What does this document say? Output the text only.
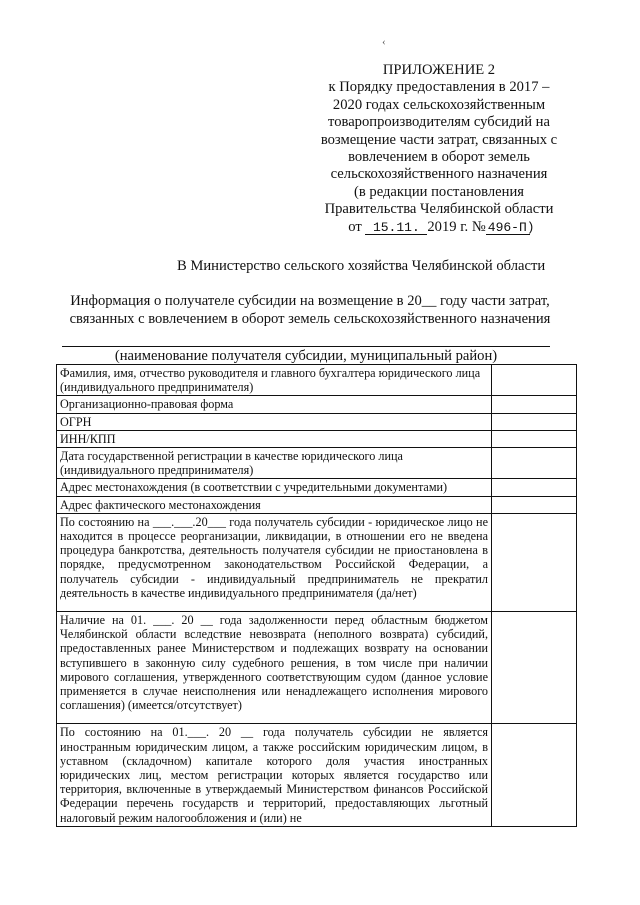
‹
ПРИЛОЖЕНИЕ 2
к Порядку предоставления в 2017 –
2020 годах сельскохозяйственным
товаропроизводителям субсидий на
возмещение части затрат, связанных с
вовлечением в оборот земель
сельскохозяйственного назначения
(в редакции постановления
Правительства Челябинской области
от 15.11. 2019 г. № 496-П)
В Министерство сельского хозяйства Челябинской области
Информация о получателе субсидии на возмещение в 20__ году части затрат,
связанных с вовлечением в оборот земель сельскохозяйственного назначения
(наименование получателя субсидии, муниципальный район)
Фамилия, имя, отчество руководителя и главного бухгалтера юридического лица (индивидуального предпринимателя)	
Организационно-правовая форма	
ОГРН	
ИНН/КПП	
Дата государственной регистрации в качестве юридического лица (индивидуального предпринимателя)	
Адрес местонахождения (в соответствии с учредительными документами)	
Адрес фактического местонахождения	
По состоянию на ___.___.20___ года получатель субсидии - юридическое лицо не находится в процессе реорганизации, ликвидации, в отношении его не введена процедура банкротства, деятельность получателя субсидии не приостановлена в порядке, предусмотренном законодательством Российской Федерации, а получатель субсидии - индивидуальный предприниматель не прекратил деятельность в качестве индивидуального предпринимателя (да/нет)

Наличие на 01. ___. 20 __ года задолженности перед областным бюджетом Челябинской области вследствие невозврата (неполного возврата) субсидий, предоставленных ранее Министерством и подлежащих возврату на основании вступившего в законную силу судебного решения, в том числе при наличии мирового соглашения, утвержденного соответствующим судом (данное условие применяется в случае неисполнения или ненадлежащего исполнения мирового соглашения) (имеется/отсутствует)

По состоянию на 01.___. 20 __ года получатель субсидии не является иностранным юридическим лицом, а также российским юридическим лицом, в уставном (складочном) капитале которого доля участия иностранных юридических лиц, местом регистрации которых является государство или территория, включенные в утверждаемый Министерством финансов Российской Федерации перечень государств и территорий, предоставляющих льготный налоговый режим налогообложения и (или) не	
